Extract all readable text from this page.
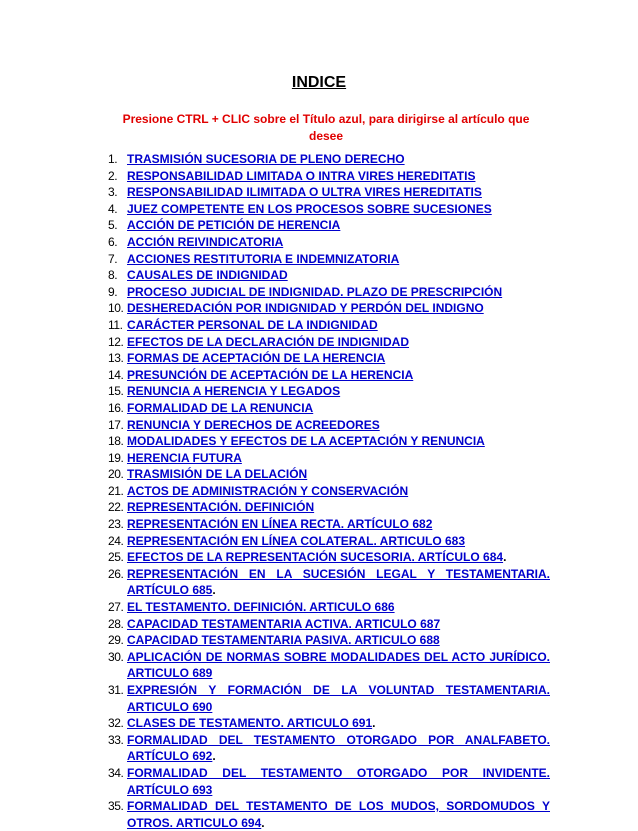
INDICE
Presione CTRL + CLIC sobre el Título azul, para dirigirse al artículo que desee
1. TRASMISIÓN SUCESORIA DE PLENO DERECHO
2. RESPONSABILIDAD LIMITADA O INTRA VIRES HEREDITATIS
3. RESPONSABILIDAD ILIMITADA O ULTRA VIRES HEREDITATIS
4. JUEZ COMPETENTE EN LOS PROCESOS SOBRE SUCESIONES
5. ACCIÓN DE PETICIÓN DE HERENCIA
6. ACCIÓN REIVINDICATORIA
7. ACCIONES RESTITUTORIA E INDEMNIZATORIA
8. CAUSALES DE INDIGNIDAD
9. PROCESO JUDICIAL DE INDIGNIDAD. PLAZO DE PRESCRIPCIÓN
10. DESHEREDACIÓN POR INDIGNIDAD Y PERDÓN DEL INDIGNO
11. CARÁCTER PERSONAL DE LA INDIGNIDAD
12. EFECTOS DE LA DECLARACIÓN DE INDIGNIDAD
13. FORMAS DE ACEPTACIÓN DE LA HERENCIA
14. PRESUNCIÓN DE ACEPTACIÓN DE LA HERENCIA
15. RENUNCIA A HERENCIA Y LEGADOS
16. FORMALIDAD DE LA RENUNCIA
17. RENUNCIA Y DERECHOS DE ACREEDORES
18. MODALIDADES Y EFECTOS DE LA ACEPTACIÓN Y RENUNCIA
19. HERENCIA FUTURA
20. TRASMISIÓN DE LA DELACIÓN
21. ACTOS DE ADMINISTRACIÓN Y CONSERVACIÓN
22. REPRESENTACIÓN. DEFINICIÓN
23. REPRESENTACIÓN EN LÍNEA RECTA. ARTÍCULO 682
24. REPRESENTACIÓN EN LÍNEA COLATERAL. ARTICULO 683
25. EFECTOS DE LA REPRESENTACIÓN SUCESORIA. ARTÍCULO 684.
26. REPRESENTACIÓN EN LA SUCESIÓN LEGAL Y TESTAMENTARIA. ARTÍCULO 685.
27. EL TESTAMENTO. DEFINICIÓN. ARTICULO 686
28. CAPACIDAD TESTAMENTARIA ACTIVA. ARTICULO 687
29. CAPACIDAD TESTAMENTARIA PASIVA. ARTICULO 688
30. APLICACIÓN DE NORMAS SOBRE MODALIDADES DEL ACTO JURÍDICO. ARTICULO 689
31. EXPRESIÓN Y FORMACIÓN DE LA VOLUNTAD TESTAMENTARIA. ARTICULO 690
32. CLASES DE TESTAMENTO. ARTICULO 691.
33. FORMALIDAD DEL TESTAMENTO OTORGADO POR ANALFABETO. ARTÍCULO 692.
34. FORMALIDAD DEL TESTAMENTO OTORGADO POR INVIDENTE. ARTÍCULO 693
35. FORMALIDAD DEL TESTAMENTO DE LOS MUDOS, SORDOMUDOS Y OTROS. ARTICULO 694.
